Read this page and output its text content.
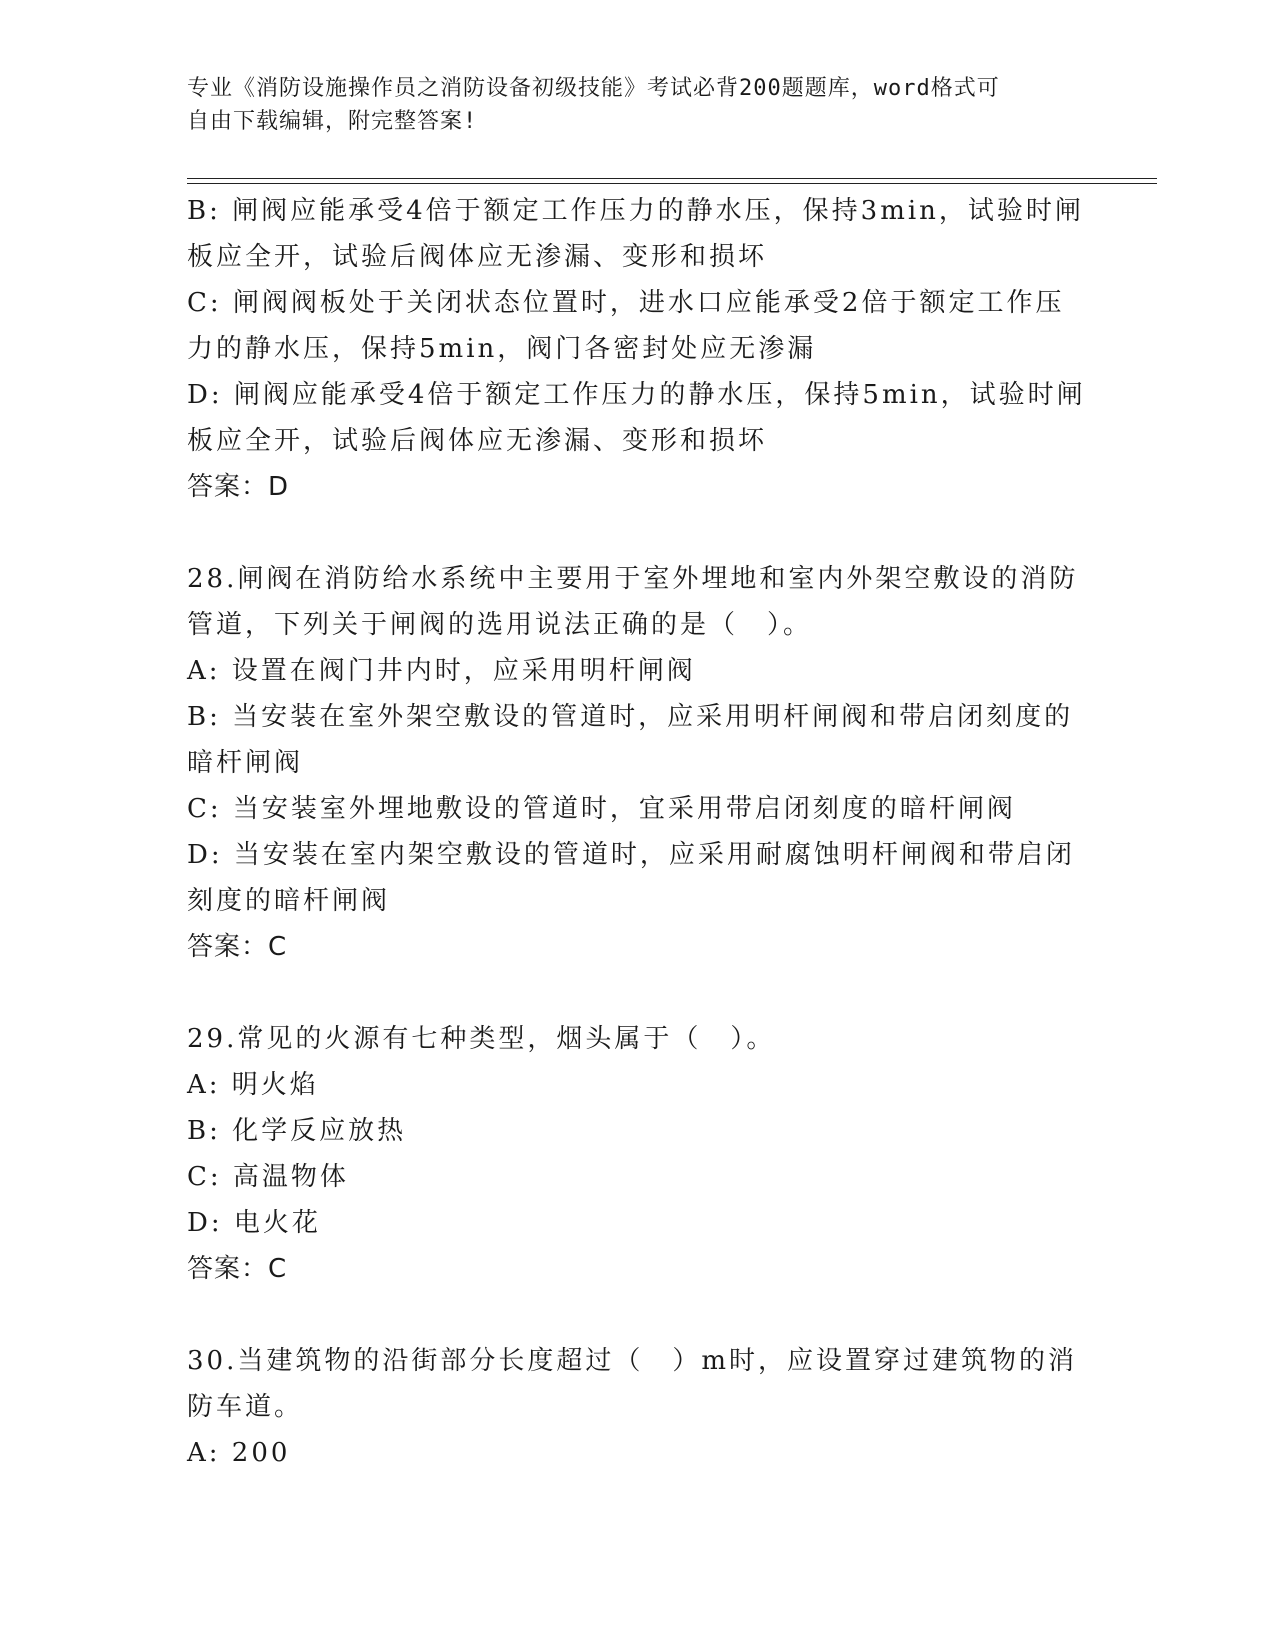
专业《消防设施操作员之消防设备初级技能》考试必背200题题库，word格式可
自由下载编辑，附完整答案!
B: 闸阀应能承受4倍于额定工作压力的静水压，保持3min，试验时闸
板应全开，试验后阀体应无渗漏、变形和损坏
C: 闸阀阀板处于关闭状态位置时，进水口应能承受2倍于额定工作压
力的静水压，保持5min，阀门各密封处应无渗漏
D: 闸阀应能承受4倍于额定工作压力的静水压，保持5min，试验时闸
板应全开，试验后阀体应无渗漏、变形和损坏
答案：D
28.闸阀在消防给水系统中主要用于室外埋地和室内外架空敷设的消防
管道，下列关于闸阀的选用说法正确的是（　）。
A: 设置在阀门井内时，应采用明杆闸阀
B: 当安装在室外架空敷设的管道时，应采用明杆闸阀和带启闭刻度的
暗杆闸阀
C: 当安装室外埋地敷设的管道时，宜采用带启闭刻度的暗杆闸阀
D: 当安装在室内架空敷设的管道时，应采用耐腐蚀明杆闸阀和带启闭
刻度的暗杆闸阀
答案：C
29.常见的火源有七种类型，烟头属于（　）。
A: 明火焰
B: 化学反应放热
C: 高温物体
D: 电火花
答案：C
30.当建筑物的沿街部分长度超过（　）m时，应设置穿过建筑物的消
防车道。
A: 200
